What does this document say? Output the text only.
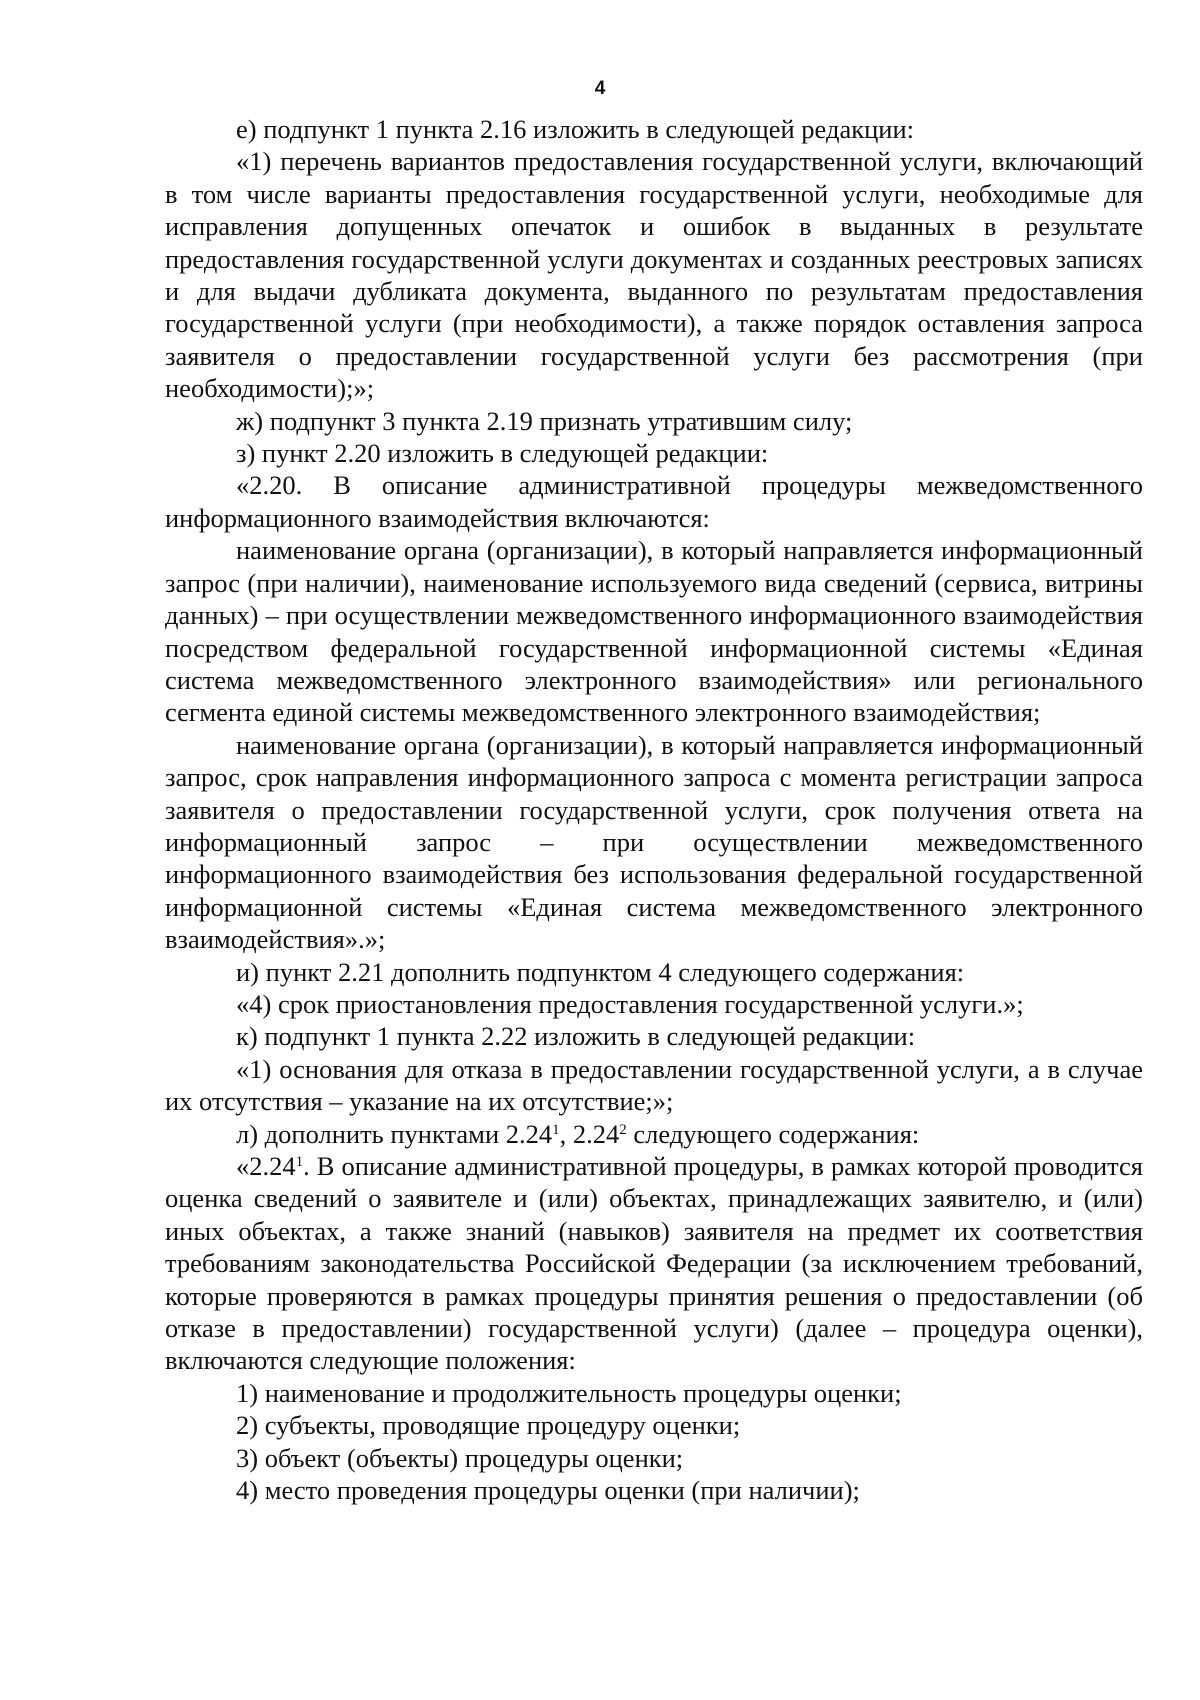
4

е) подпункт 1 пункта 2.16 изложить в следующей редакции:

«1) перечень вариантов предоставления государственной услуги, включающий в том числе варианты предоставления государственной услуги, необходимые для исправления допущенных опечаток и ошибок в выданных в результате предоставления государственной услуги документах и созданных реестровых записях и для выдачи дубликата документа, выданного по результатам предоставления государственной услуги (при необходимости), а также порядок оставления запроса заявителя о предоставлении государственной услуги без рассмотрения (при необходимости);»;

ж) подпункт 3 пункта 2.19 признать утратившим силу;

з) пункт 2.20 изложить в следующей редакции:

«2.20. В описание административной процедуры межведомственного информационного взаимодействия включаются:

наименование органа (организации), в который направляется информационный запрос (при наличии), наименование используемого вида сведений (сервиса, витрины данных) – при осуществлении межведомственного информационного взаимодействия посредством федеральной государственной информационной системы «Единая система межведомственного электронного взаимодействия» или регионального сегмента единой системы межведомственного электронного взаимодействия;

наименование органа (организации), в который направляется информационный запрос, срок направления информационного запроса с момента регистрации запроса заявителя о предоставлении государственной услуги, срок получения ответа на информационный запрос – при осуществлении межведомственного информационного взаимодействия без использования федеральной государственной информационной системы «Единая система межведомственного электронного взаимодействия».»;

и) пункт 2.21 дополнить подпунктом 4 следующего содержания:

«4) срок приостановления предоставления государственной услуги.»;

к) подпункт 1 пункта 2.22 изложить в следующей редакции:

«1) основания для отказа в предоставлении государственной услуги, а в случае их отсутствия – указание на их отсутствие;»;

л) дополнить пунктами 2.24$^1$, 2.24$^2$ следующего содержания:

«2.24$^1$. В описание административной процедуры, в рамках которой проводится оценка сведений о заявителе и (или) объектах, принадлежащих заявителю, и (или) иных объектах, а также знаний (навыков) заявителя на предмет их соответствия требованиям законодательства Российской Федерации (за исключением требований, которые проверяются в рамках процедуры принятия решения о предоставлении (об отказе в предоставлении) государственной услуги) (далее – процедура оценки), включаются следующие положения:

1) наименование и продолжительность процедуры оценки;

2) субъекты, проводящие процедуру оценки;

3) объект (объекты) процедуры оценки;

4) место проведения процедуры оценки (при наличии);
